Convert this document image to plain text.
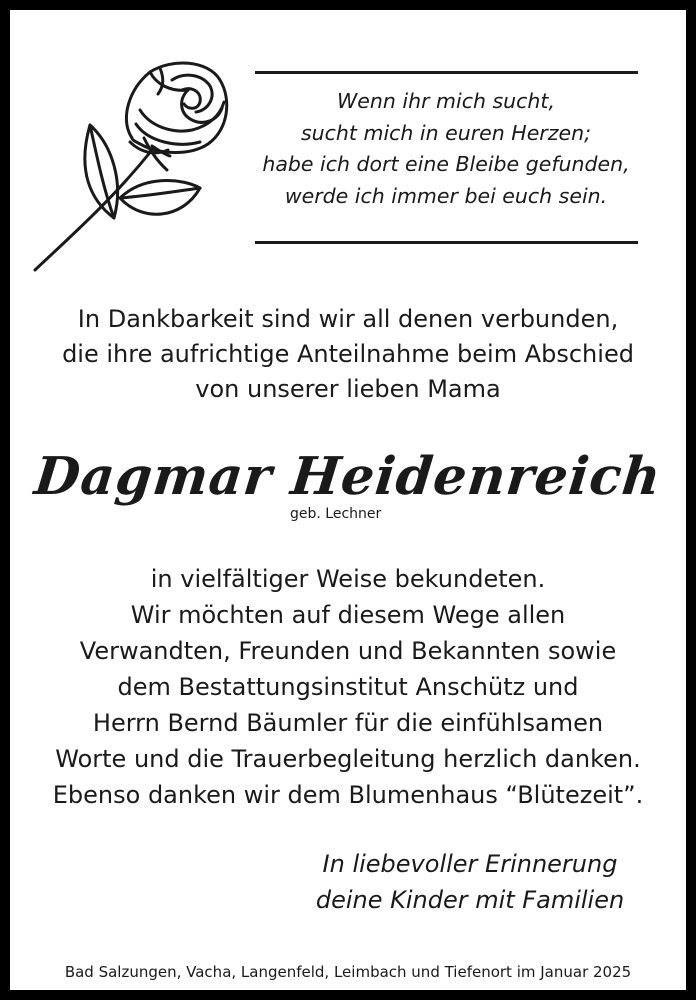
Wenn ihr mich sucht,
sucht mich in euren Herzen;
habe ich dort eine Bleibe gefunden,
werde ich immer bei euch sein.
In Dankbarkeit sind wir all denen verbunden,
die ihre aufrichtige Anteilnahme beim Abschied
von unserer lieben Mama
Dagmar Heidenreich
geb. Lechner
in vielfältiger Weise bekundeten.
Wir möchten auf diesem Wege allen
Verwandten, Freunden und Bekannten sowie
dem Bestattungsinstitut Anschütz und
Herrn Bernd Bäumler für die einfühlsamen
Worte und die Trauerbegleitung herzlich danken.
Ebenso danken wir dem Blumenhaus “Blütezeit”.
In liebevoller Erinnerung
deine Kinder mit Familien
Bad Salzungen, Vacha, Langenfeld, Leimbach und Tiefenort im Januar 2025
